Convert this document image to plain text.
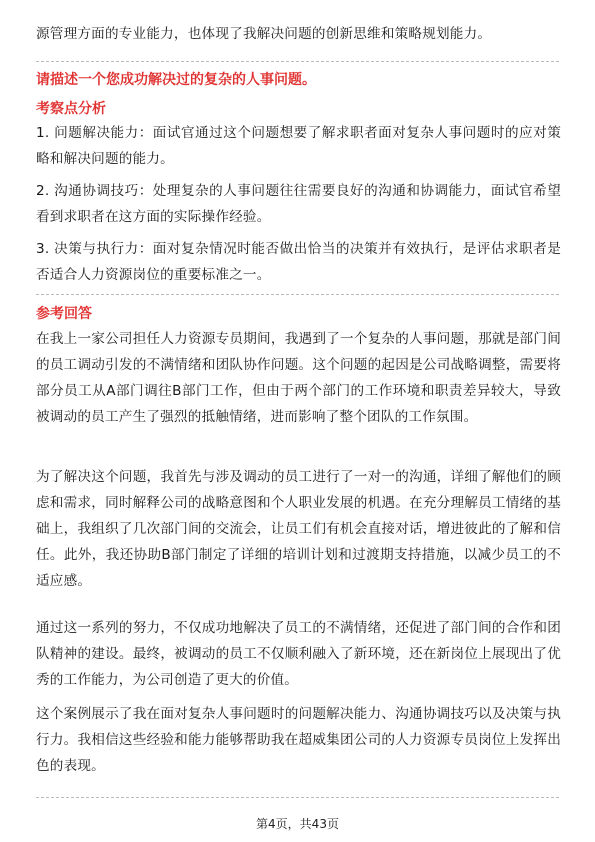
源管理方面的专业能力，也体现了我解决问题的创新思维和策略规划能力。

请描述一个您成功解决过的复杂的人事问题。

考察点分析

1. 问题解决能力：面试官通过这个问题想要了解求职者面对复杂人事问题时的应对策略和解决问题的能力。

2. 沟通协调技巧：处理复杂的人事问题往往需要良好的沟通和协调能力，面试官希望看到求职者在这方面的实际操作经验。

3. 决策与执行力：面对复杂情况时能否做出恰当的决策并有效执行，是评估求职者是否适合人力资源岗位的重要标准之一。

参考回答

在我上一家公司担任人力资源专员期间，我遇到了一个复杂的人事问题，那就是部门间的员工调动引发的不满情绪和团队协作问题。这个问题的起因是公司战略调整，需要将部分员工从A部门调往B部门工作，但由于两个部门的工作环境和职责差异较大，导致被调动的员工产生了强烈的抵触情绪，进而影响了整个团队的工作氛围。

为了解决这个问题，我首先与涉及调动的员工进行了一对一的沟通，详细了解他们的顾虑和需求，同时解释公司的战略意图和个人职业发展的机遇。在充分理解员工情绪的基础上，我组织了几次部门间的交流会，让员工们有机会直接对话，增进彼此的了解和信任。此外，我还协助B部门制定了详细的培训计划和过渡期支持措施，以减少员工的不适应感。

通过这一系列的努力，不仅成功地解决了员工的不满情绪，还促进了部门间的合作和团队精神的建设。最终，被调动的员工不仅顺利融入了新环境，还在新岗位上展现出了优秀的工作能力，为公司创造了更大的价值。

这个案例展示了我在面对复杂人事问题时的问题解决能力、沟通协调技巧以及决策与执行力。我相信这些经验和能力能够帮助我在超威集团公司的人力资源专员岗位上发挥出色的表现。

第4页，共43页
